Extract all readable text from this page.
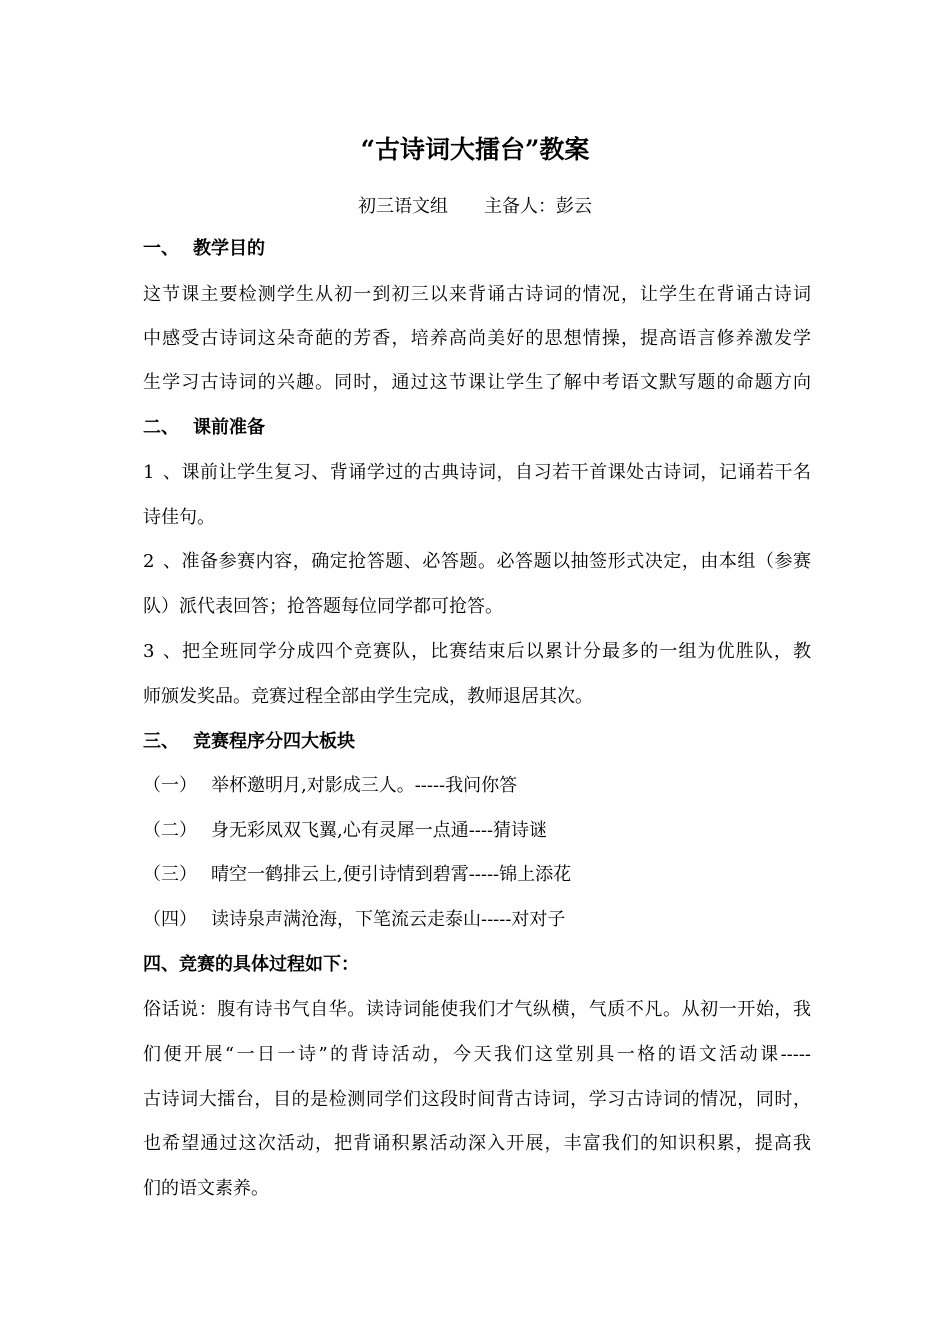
“古诗词大擂台”教案
初三语文组 主备人：彭云
一、 教学目的
这节课主要检测学生从初一到初三以来背诵古诗词的情况，让学生在背诵古诗词
中感受古诗词这朵奇葩的芳香，培养高尚美好的思想情操，提高语言修养激发学
生学习古诗词的兴趣。同时，通过这节课让学生了解中考语文默写题的命题方向
二、 课前准备
1、课前让学生复习、背诵学过的古典诗词，自习若干首课处古诗词，记诵若干名
诗佳句。
2、准备参赛内容，确定抢答题、必答题。必答题以抽签形式决定，由本组（参赛
队）派代表回答；抢答题每位同学都可抢答。
3、把全班同学分成四个竞赛队，比赛结束后以累计分最多的一组为优胜队，教
师颁发奖品。竞赛过程全部由学生完成，教师退居其次。
三、 竞赛程序分四大板块
（一） 举杯邀明月,对影成三人。-----我问你答
（二） 身无彩凤双飞翼,心有灵犀一点通----猜诗谜
（三） 晴空一鹤排云上,便引诗情到碧霄-----锦上添花
（四） 读诗泉声满沧海，下笔流云走泰山-----对对子
四、竞赛的具体过程如下：
俗话说：腹有诗书气自华。读诗词能使我们才气纵横，气质不凡。从初一开始，我
们便开展“一日一诗”的背诗活动，今天我们这堂别具一格的语文活动课-----
古诗词大擂台，目的是检测同学们这段时间背古诗词，学习古诗词的情况，同时，
也希望通过这次活动，把背诵积累活动深入开展，丰富我们的知识积累，提高我
们的语文素养。
